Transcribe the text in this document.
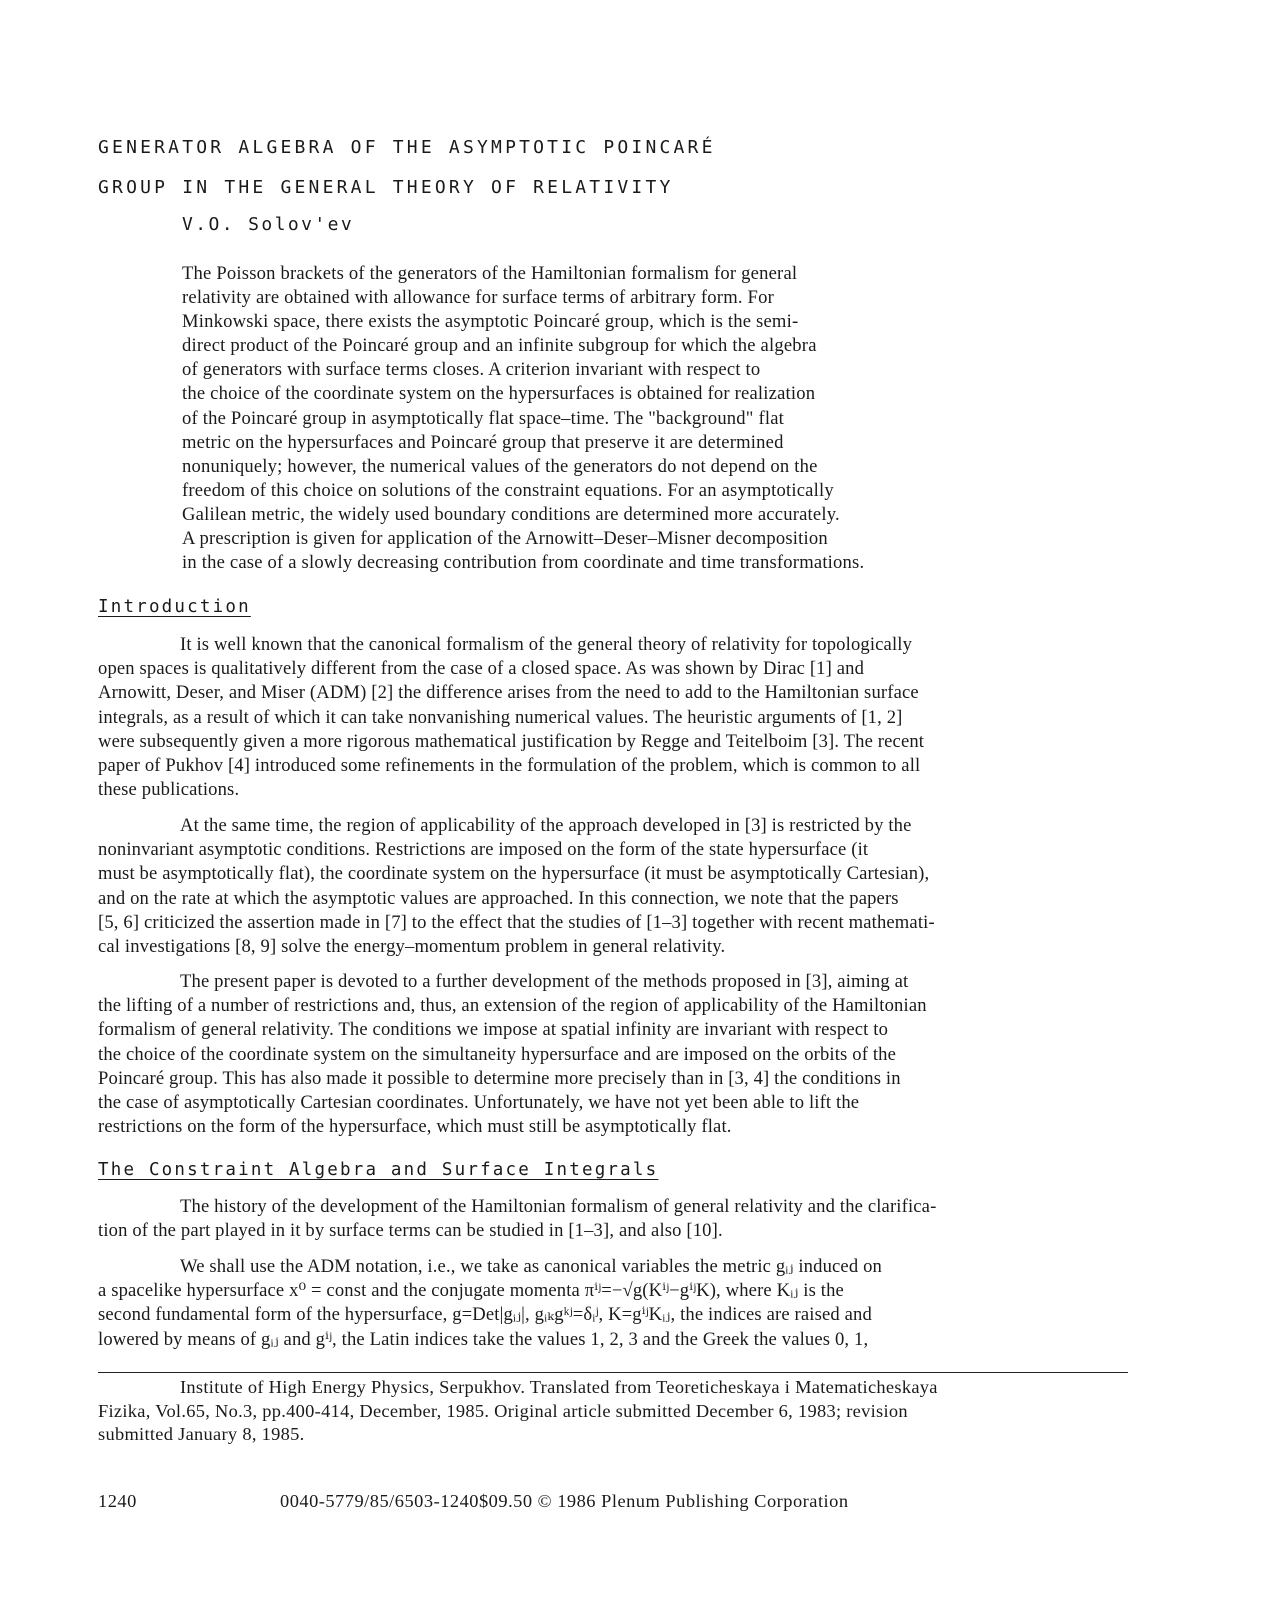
GENERATOR ALGEBRA OF THE ASYMPTOTIC POINCARÉ
GROUP IN THE GENERAL THEORY OF RELATIVITY

V.O. Solov'ev

The Poisson brackets of the generators of the Hamiltonian formalism for general
relativity are obtained with allowance for surface terms of arbitrary form. For
Minkowski space, there exists the asymptotic Poincaré group, which is the semi-
direct product of the Poincaré group and an infinite subgroup for which the algebra
of generators with surface terms closes. A criterion invariant with respect to
the choice of the coordinate system on the hypersurfaces is obtained for realization
of the Poincaré group in asymptotically flat space–time. The "background" flat
metric on the hypersurfaces and Poincaré group that preserve it are determined
nonuniquely; however, the numerical values of the generators do not depend on the
freedom of this choice on solutions of the constraint equations. For an asymptotically
Galilean metric, the widely used boundary conditions are determined more accurately.
A prescription is given for application of the Arnowitt–Deser–Misner decomposition
in the case of a slowly decreasing contribution from coordinate and time transformations.
Introduction
It is well known that the canonical formalism of the general theory of relativity for topologically
open spaces is qualitatively different from the case of a closed space. As was shown by Dirac [1] and
Arnowitt, Deser, and Miser (ADM) [2] the difference arises from the need to add to the Hamiltonian surface
integrals, as a result of which it can take nonvanishing numerical values. The heuristic arguments of [1, 2]
were subsequently given a more rigorous mathematical justification by Regge and Teitelboim [3]. The recent
paper of Pukhov [4] introduced some refinements in the formulation of the problem, which is common to all
these publications.
At the same time, the region of applicability of the approach developed in [3] is restricted by the
noninvariant asymptotic conditions. Restrictions are imposed on the form of the state hypersurface (it
must be asymptotically flat), the coordinate system on the hypersurface (it must be asymptotically Cartesian),
and on the rate at which the asymptotic values are approached. In this connection, we note that the papers
[5, 6] criticized the assertion made in [7] to the effect that the studies of [1–3] together with recent mathemati-
cal investigations [8, 9] solve the energy–momentum problem in general relativity.
The present paper is devoted to a further development of the methods proposed in [3], aiming at
the lifting of a number of restrictions and, thus, an extension of the region of applicability of the Hamiltonian
formalism of general relativity. The conditions we impose at spatial infinity are invariant with respect to
the choice of the coordinate system on the simultaneity hypersurface and are imposed on the orbits of the
Poincaré group. This has also made it possible to determine more precisely than in [3, 4] the conditions in
the case of asymptotically Cartesian coordinates. Unfortunately, we have not yet been able to lift the
restrictions on the form of the hypersurface, which must still be asymptotically flat.
The Constraint Algebra and Surface Integrals
The history of the development of the Hamiltonian formalism of general relativity and the clarifica-
tion of the part played in it by surface terms can be studied in [1–3], and also [10].
We shall use the ADM notation, i.e., we take as canonical variables the metric gᵢⱼ induced on
a spacelike hypersurface x⁰ = const and the conjugate momenta πⁱʲ=−√g(Kⁱʲ−gⁱʲK), where Kᵢⱼ is the
second fundamental form of the hypersurface, g=Det|gᵢⱼ|, gᵢₖgᵏʲ=δᵢʲ, K=gⁱʲKᵢⱼ, the indices are raised and
lowered by means of gᵢⱼ and gⁱʲ, the Latin indices take the values 1, 2, 3 and the Greek the values 0, 1,
Institute of High Energy Physics, Serpukhov. Translated from Teoreticheskaya i Matematicheskaya
Fizika, Vol.65, No.3, pp.400-414, December, 1985. Original article submitted December 6, 1983; revision
submitted January 8, 1985.
1240	0040-5779/85/6503-1240$09.50 © 1986 Plenum Publishing Corporation
